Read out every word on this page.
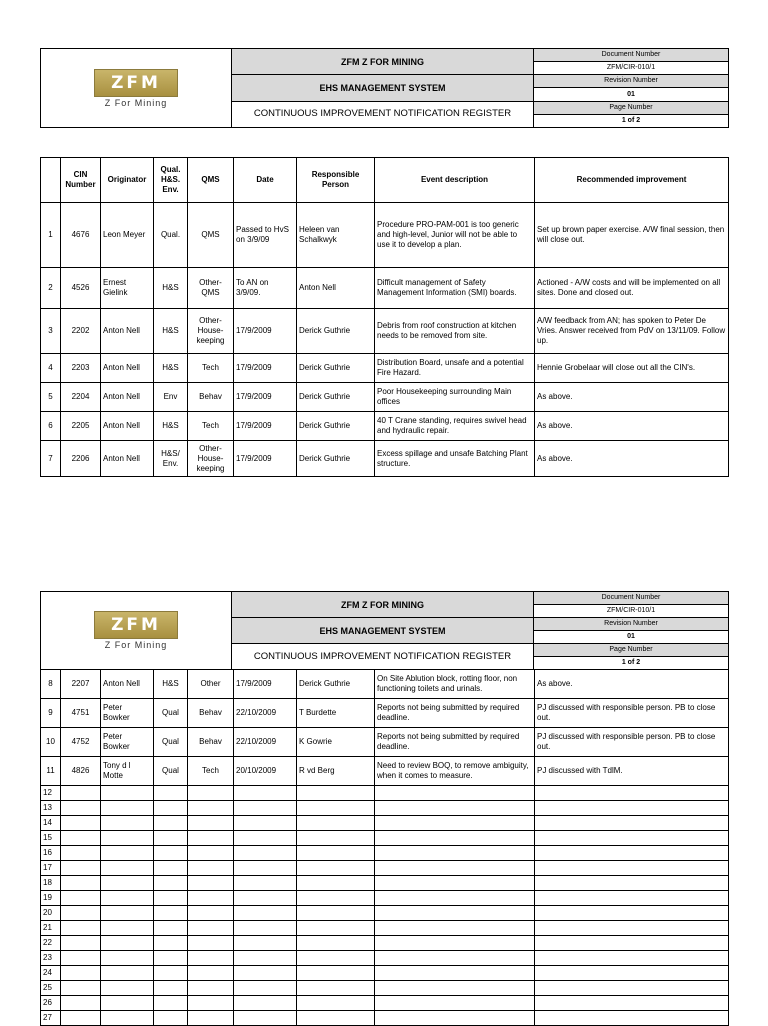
ZFM
Z For Mining	ZFM Z FOR MINING	Document Number
		ZFM/CIR-010/1
	EHS MANAGEMENT SYSTEM	Revision Number
		01
	CONTINUOUS IMPROVEMENT NOTIFICATION REGISTER	Page Number
		1 of 2
	CIN Number	Originator	Qual. H&S. Env.	QMS	Date	Responsible Person	Event description	Recommended improvement
1	4676	Leon Meyer	Qual.	QMS	Passed to HvS on 3/9/09	Heleen van Schalkwyk	Procedure PRO-PAM-001 is too generic and high-level, Junior will not be able to use it to develop a plan.	Set up brown paper exercise. A/W final session, then will close out.
2	4526	Ernest Gielink	H&S	Other- QMS	To AN on 3/9/09.	Anton Nell	Difficult management of Safety Management Information (SMI) boards.	Actioned - A/W costs and will be implemented on all sites. Done and closed out.
3	2202	Anton Nell	H&S	Other- House- keeping	17/9/2009	Derick Guthrie	Debris from roof construction at kitchen needs to be removed from site.	A/W feedback from AN; has spoken to Peter De Vries. Answer received from PdV on 13/11/09. Follow up.
4	2203	Anton Nell	H&S	Tech	17/9/2009	Derick Guthrie	Distribution Board, unsafe and a potential Fire Hazard.	Hennie Grobelaar will close out all the CIN's.
5	2204	Anton Nell	Env	Behav	17/9/2009	Derick Guthrie	Poor Housekeeping surrounding Main offices	As above.
6	2205	Anton Nell	H&S	Tech	17/9/2009	Derick Guthrie	40 T Crane standing, requires swivel head and hydraulic repair.	As above.
7	2206	Anton Nell	H&S/ Env.	Other- House- keeping	17/9/2009	Derick Guthrie	Excess spillage and unsafe Batching Plant structure.	As above.
ZFM
Z For Mining	ZFM Z FOR MINING	Document Number
		ZFM/CIR-010/1
	EHS MANAGEMENT SYSTEM	Revision Number
		01
	CONTINUOUS IMPROVEMENT NOTIFICATION REGISTER	Page Number
		1 of 2
8	2207	Anton Nell	H&S	Other	17/9/2009	Derick Guthrie	On Site Ablution block, rotting floor, non functioning toilets and urinals.	As above.
9	4751	Peter Bowker	Qual	Behav	22/10/2009	T Burdette	Reports not being submitted by required deadline.	PJ discussed with responsible person. PB to close out.
10	4752	Peter Bowker	Qual	Behav	22/10/2009	K Gowrie	Reports not being submitted by required deadline.	PJ discussed with responsible person. PB to close out.
11	4826	Tony d l Motte	Qual	Tech	20/10/2009	R vd Berg	Need to review BOQ, to remove ambiguity, when it comes to measure.	PJ discussed with TdlM.
12								
13								
14								
15								
16								
17								
18								
19								
20								
21								
22								
23								
24								
25								
26								
27								
